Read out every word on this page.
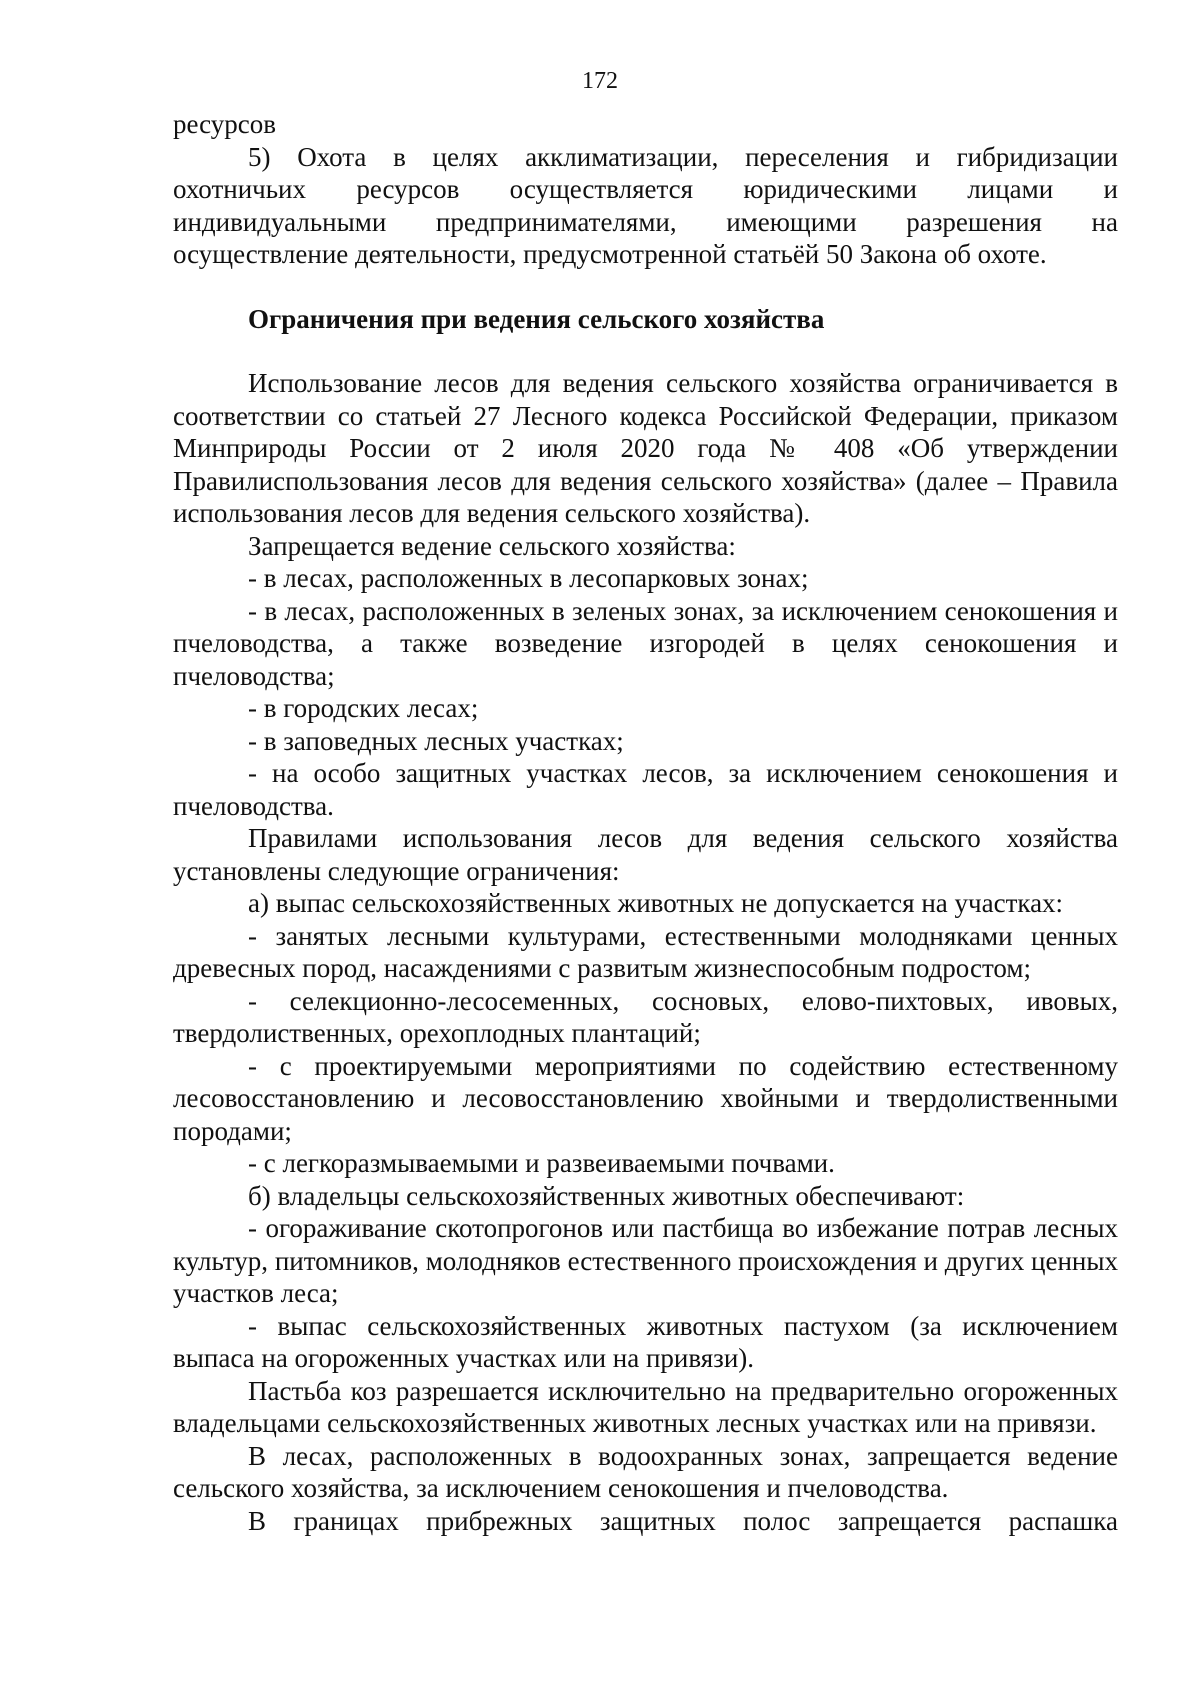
172

ресурсов

5) Охота в целях акклиматизации, переселения и гибридизации охотничьих ресурсов осуществляется юридическими лицами и индивидуальными предпринимателями, имеющими разрешения на осуществление деятельности, предусмотренной статьёй 50 Закона об охоте.

Ограничения при ведения сельского хозяйства

Использование лесов для ведения сельского хозяйства ограничивается в соответствии со статьей 27 Лесного кодекса Российской Федерации, приказом Минприроды России от 2 июля 2020 года № 408 «Об утверждении Правилиспользования лесов для ведения сельского хозяйства» (далее – Правила использования лесов для ведения сельского хозяйства).

Запрещается ведение сельского хозяйства:

- в лесах, расположенных в лесопарковых зонах;

- в лесах, расположенных в зеленых зонах, за исключением сенокошения и пчеловодства, а также возведение изгородей в целях сенокошения и пчеловодства;

- в городских лесах;

- в заповедных лесных участках;

- на особо защитных участках лесов, за исключением сенокошения и пчеловодства.

Правилами использования лесов для ведения сельского хозяйства установлены следующие ограничения:

а) выпас сельскохозяйственных животных не допускается на участках:

- занятых лесными культурами, естественными молодняками ценных древесных пород, насаждениями с развитым жизнеспособным подростом;

- селекционно-лесосеменных, сосновых, елово-пихтовых, ивовых, твердолиственных, орехоплодных плантаций;

- с проектируемыми мероприятиями по содействию естественному лесовосстановлению и лесовосстановлению хвойными и твердолиственными породами;

- с легкоразмываемыми и развеиваемыми почвами.

б) владельцы сельскохозяйственных животных обеспечивают:

- огораживание скотопрогонов или пастбища во избежание потрав лесных культур, питомников, молодняков естественного происхождения и других ценных участков леса;

- выпас сельскохозяйственных животных пастухом (за исключением выпаса на огороженных участках или на привязи).

Пастьба коз разрешается исключительно на предварительно огороженных владельцами сельскохозяйственных животных лесных участках или на привязи.

В лесах, расположенных в водоохранных зонах, запрещается ведение сельского хозяйства, за исключением сенокошения и пчеловодства.

В границах прибрежных защитных полос запрещается распашка
